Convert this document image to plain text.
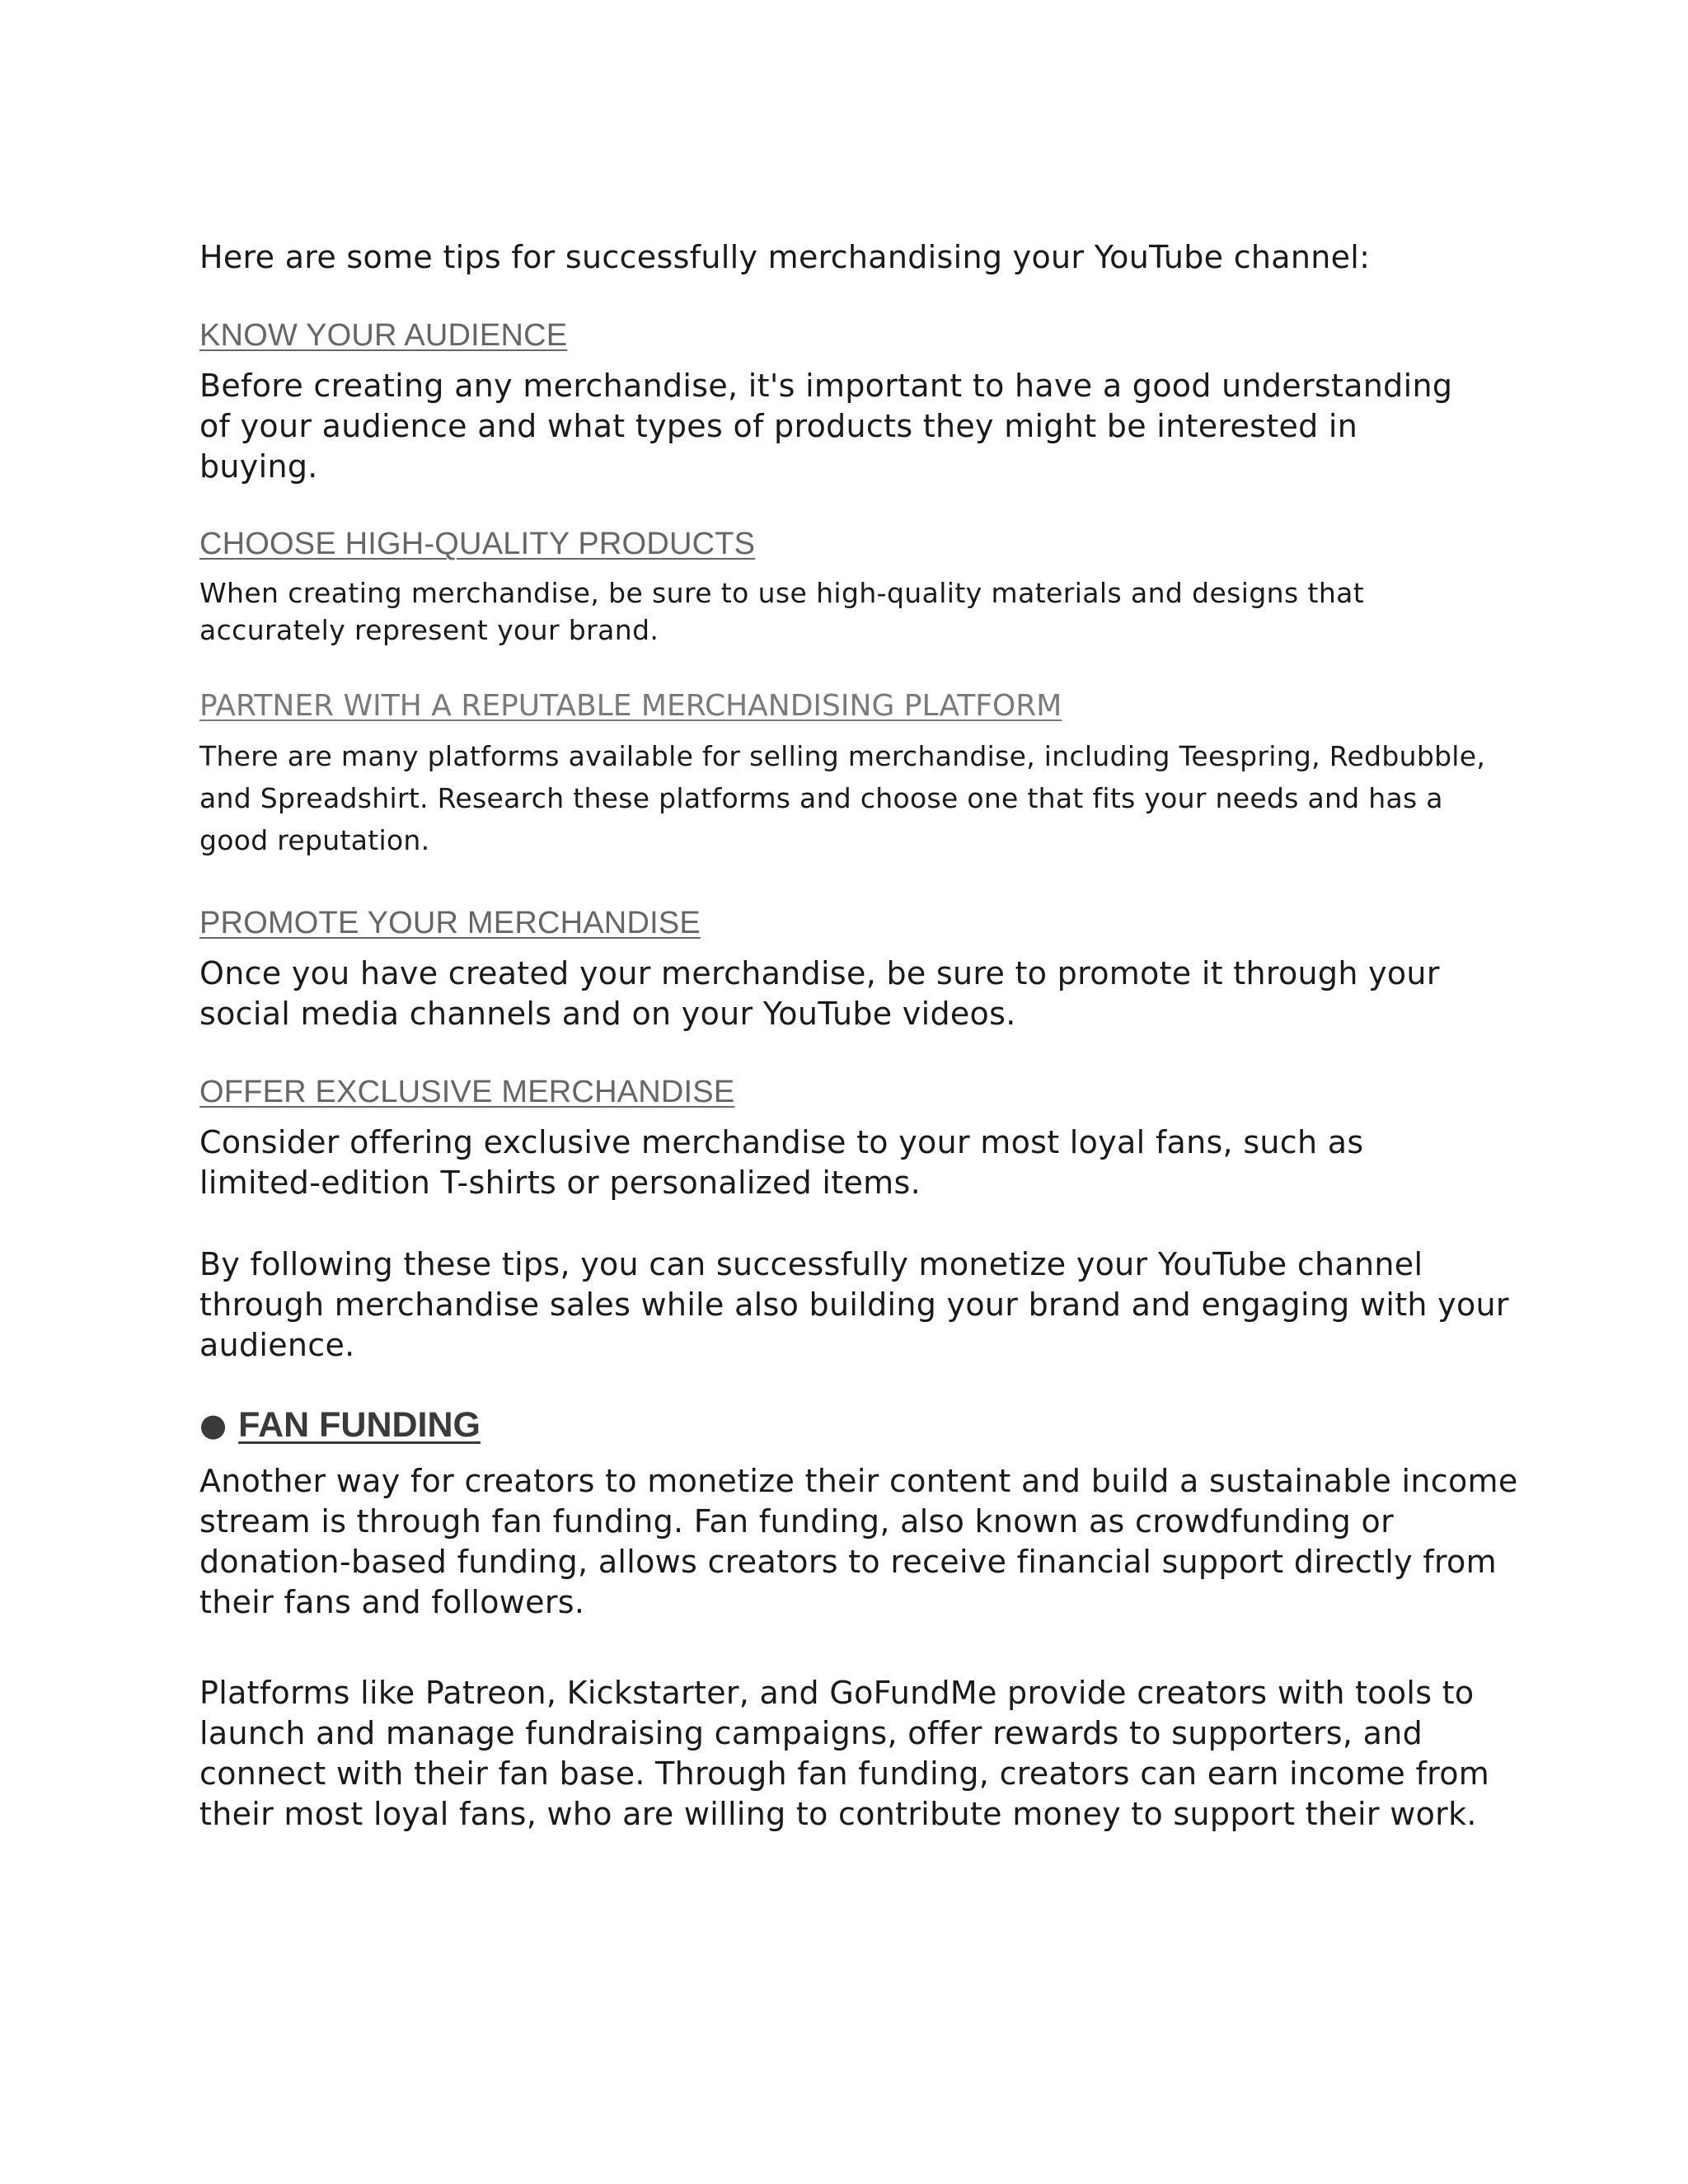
Here are some tips for successfully merchandising your YouTube channel:

KNOW YOUR AUDIENCE

Before creating any merchandise, it's important to have a good understanding of your audience and what types of products they might be interested in buying.

CHOOSE HIGH-QUALITY PRODUCTS

When creating merchandise, be sure to use high-quality materials and designs that accurately represent your brand.

PARTNER WITH A REPUTABLE MERCHANDISING PLATFORM

There are many platforms available for selling merchandise, including Teespring, Redbubble, and Spreadshirt. Research these platforms and choose one that fits your needs and has a good reputation.

PROMOTE YOUR MERCHANDISE

Once you have created your merchandise, be sure to promote it through your social media channels and on your YouTube videos.

OFFER EXCLUSIVE MERCHANDISE

Consider offering exclusive merchandise to your most loyal fans, such as limited-edition T-shirts or personalized items.

By following these tips, you can successfully monetize your YouTube channel through merchandise sales while also building your brand and engaging with your audience.

● FAN FUNDING

Another way for creators to monetize their content and build a sustainable income stream is through fan funding. Fan funding, also known as crowdfunding or donation-based funding, allows creators to receive financial support directly from their fans and followers.

Platforms like Patreon, Kickstarter, and GoFundMe provide creators with tools to launch and manage fundraising campaigns, offer rewards to supporters, and connect with their fan base. Through fan funding, creators can earn income from their most loyal fans, who are willing to contribute money to support their work.
